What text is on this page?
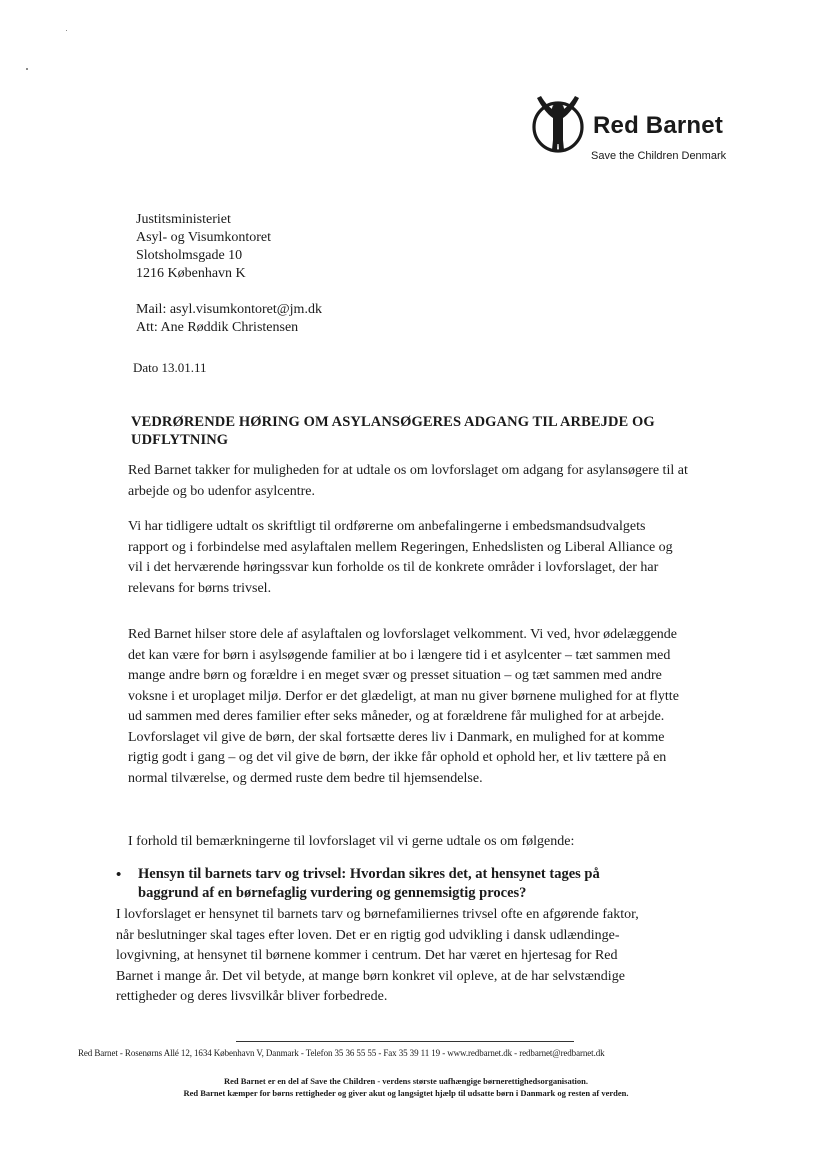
Red Barnet
Save the Children Denmark
Justitsministeriet
Asyl- og Visumkontoret
Slotsholmsgade 10
1216 København K
Mail: asyl.visumkontoret@jm.dk
Att: Ane Røddik Christensen
Dato 13.01.11
VEDRØRENDE HØRING OM ASYLANSØGERES ADGANG TIL ARBEJDE OG UDFLYTNING
Red Barnet takker for muligheden for at udtale os om lovforslaget om adgang for asylansøgere til at arbejde og bo udenfor asylcentre.
Vi har tidligere udtalt os skriftligt til ordførerne om anbefalingerne i embedsmandsudvalgets rapport og i forbindelse med asylaftalen mellem Regeringen, Enhedslisten og Liberal Alliance og vil i det herværende høringssvar kun forholde os til de konkrete områder i lovforslaget, der har relevans for børns trivsel.
Red Barnet hilser store dele af asylaftalen og lovforslaget velkomment. Vi ved, hvor ødelæggende det kan være for børn i asylsøgende familier at bo i længere tid i et asylcenter – tæt sammen med mange andre børn og forældre i en meget svær og presset situation – og tæt sammen med andre voksne i et uroplaget miljø. Derfor er det glædeligt, at man nu giver børnene mulighed for at flytte ud sammen med deres familier efter seks måneder, og at forældrene får mulighed for at arbejde. Lovforslaget vil give de børn, der skal fortsætte deres liv i Danmark, en mulighed for at komme rigtig godt i gang – og det vil give de børn, der ikke får ophold et ophold her, et liv tættere på en normal tilværelse, og dermed ruste dem bedre til hjemsendelse.
I forhold til bemærkningerne til lovforslaget vil vi gerne udtale os om følgende:
• Hensyn til barnets tarv og trivsel: Hvordan sikres det, at hensynet tages på baggrund af en børnefaglig vurdering og gennemsigtig proces?
I lovforslaget er hensynet til barnets tarv og børnefamiliernes trivsel ofte en afgørende faktor, når beslutninger skal tages efter loven. Det er en rigtig god udvikling i dansk udlændinge-lovgivning, at hensynet til børnene kommer i centrum. Det har været en hjertesag for Red Barnet i mange år. Det vil betyde, at mange børn konkret vil opleve, at de har selvstændige rettigheder og deres livsvilkår bliver forbedrede.
Red Barnet - Rosenørns Allé 12, 1634 København V, Danmark - Telefon 35 36 55 55 - Fax 35 39 11 19 - www.redbarnet.dk - redbarnet@redbarnet.dk
Red Barnet er en del af Save the Children - verdens største uafhængige børnerettighedsorganisation.
Red Barnet kæmper for børns rettigheder og giver akut og langsigtet hjælp til udsatte børn i Danmark og resten af verden.
